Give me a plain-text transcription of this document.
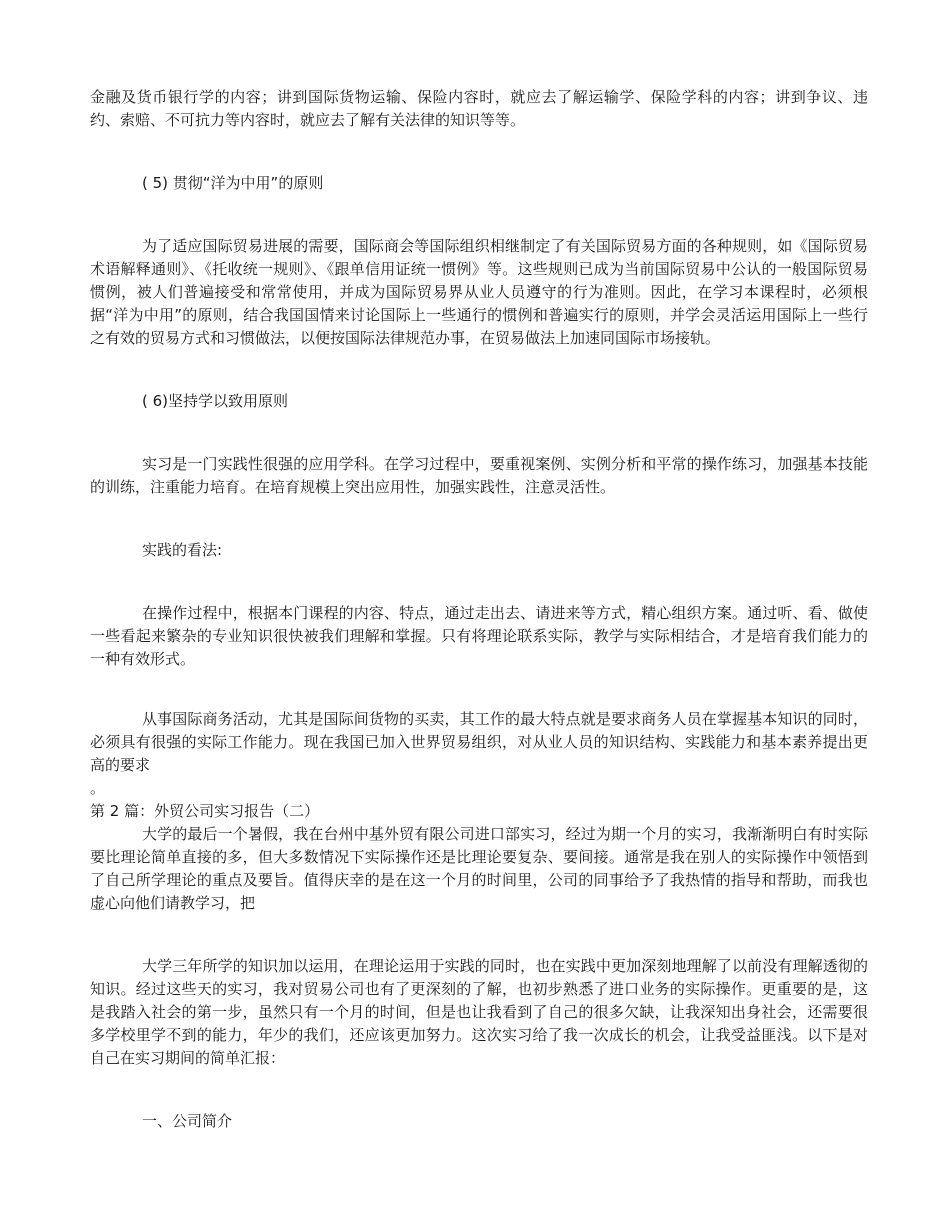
金融及货币银行学的内容；讲到国际货物运输、保险内容时，就应去了解运输学、保险学科的内容；讲到争议、违约、索赔、不可抗力等内容时，就应去了解有关法律的知识等等。

( 5) 贯彻“洋为中用”的原则

为了适应国际贸易进展的需要，国际商会等国际组织相继制定了有关国际贸易方面的各种规则，如《国际贸易术语解释通则》、《托收统一规则》、《跟单信用证统一惯例》等。这些规则已成为当前国际贸易中公认的一般国际贸易惯例，被人们普遍接受和常常使用，并成为国际贸易界从业人员遵守的行为准则。因此，在学习本课程时，必须根据“洋为中用”的原则，结合我国国情来讨论国际上一些通行的惯例和普遍实行的原则，并学会灵活运用国际上一些行之有效的贸易方式和习惯做法，以便按国际法律规范办事，在贸易做法上加速同国际市场接轨。

( 6)坚持学以致用原则

实习是一门实践性很强的应用学科。在学习过程中，要重视案例、实例分析和平常的操作练习，加强基本技能的训练，注重能力培育。在培育规模上突出应用性，加强实践性，注意灵活性。

实践的看法:

在操作过程中，根据本门课程的内容、特点，通过走出去、请进来等方式，精心组织方案。通过听、看、做使一些看起来繁杂的专业知识很快被我们理解和掌握。只有将理论联系实际，教学与实际相结合，才是培育我们能力的一种有效形式。

从事国际商务活动，尤其是国际间货物的买卖，其工作的最大特点就是要求商务人员在掌握基本知识的同时，必须具有很强的实际工作能力。现在我国已加入世界贸易组织，对从业人员的知识结构、实践能力和基本素养提出更高的要求

。

第 2 篇：外贸公司实习报告（二）

大学的最后一个暑假，我在台州中基外贸有限公司进口部实习，经过为期一个月的实习，我渐渐明白有时实际要比理论简单直接的多，但大多数情况下实际操作还是比理论要复杂、要间接。通常是我在别人的实际操作中领悟到了自己所学理论的重点及要旨。值得庆幸的是在这一个月的时间里，公司的同事给予了我热情的指导和帮助，而我也虚心向他们请教学习，把

大学三年所学的知识加以运用，在理论运用于实践的同时，也在实践中更加深刻地理解了以前没有理解透彻的知识。经过这些天的实习，我对贸易公司也有了更深刻的了解，也初步熟悉了进口业务的实际操作。更重要的是，这是我踏入社会的第一步，虽然只有一个月的时间，但是也让我看到了自己的很多欠缺，让我深知出身社会，还需要很多学校里学不到的能力，年少的我们，还应该更加努力。这次实习给了我一次成长的机会，让我受益匪浅。以下是对自己在实习期间的简单汇报：

一、公司简介
